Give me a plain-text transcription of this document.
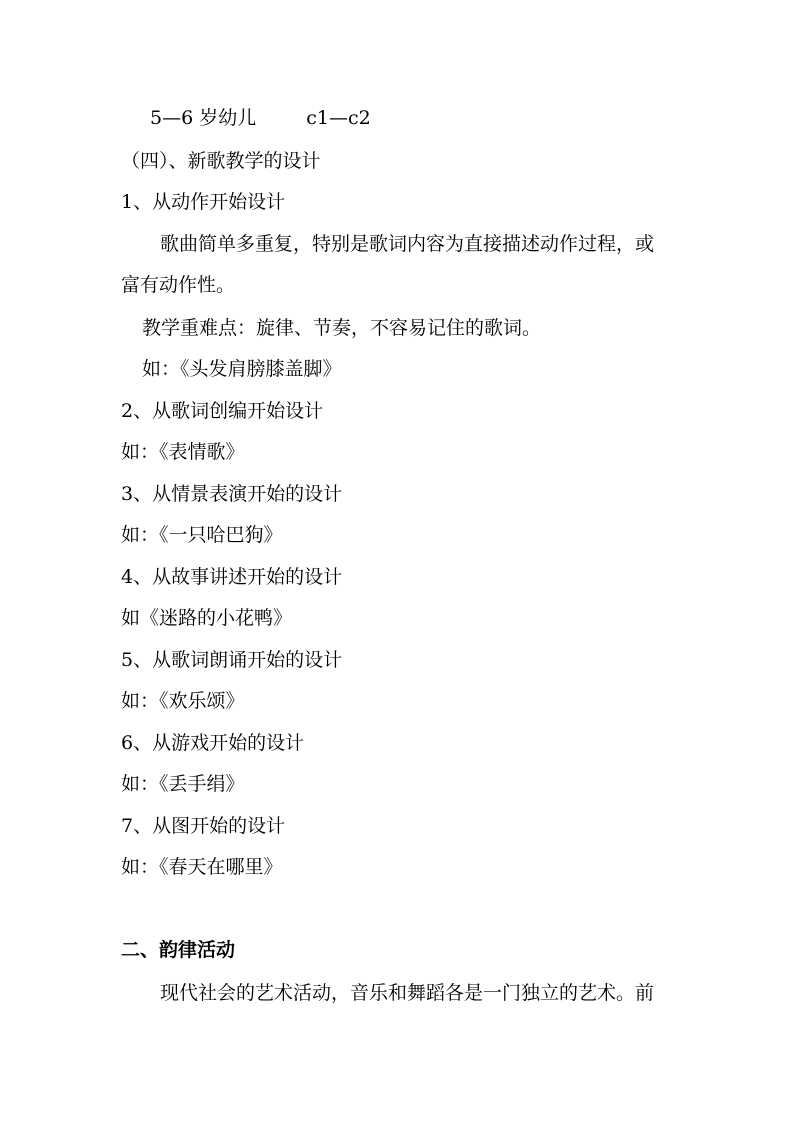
5—6 岁幼儿	c1—c2
（四）、新歌教学的设计
1、从动作开始设计
歌曲简单多重复，特别是歌词内容为直接描述动作过程，或
富有动作性。
教学重难点：旋律、节奏，不容易记住的歌词。
如：《头发肩膀膝盖脚》
2、从歌词创编开始设计
如：《表情歌》
3、从情景表演开始的设计
如：《一只哈巴狗》
4、从故事讲述开始的设计
如《迷路的小花鸭》
5、从歌词朗诵开始的设计
如：《欢乐颂》
6、从游戏开始的设计
如：《丢手绢》
7、从图开始的设计
如：《春天在哪里》
二、韵律活动
现代社会的艺术活动，音乐和舞蹈各是一门独立的艺术。前
